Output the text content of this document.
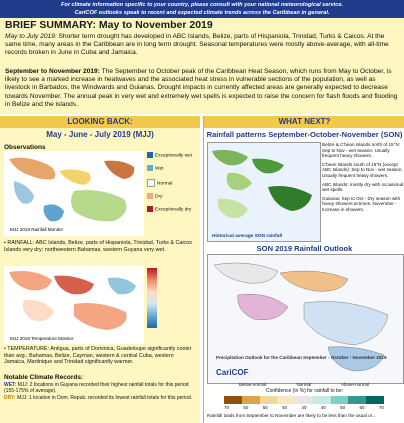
For climate information specific to your country, please consult with your national meteorological service.
CariCOF outlooks speak to recent and expected climate trends across the Caribbean in general.
BRIEF SUMMARY: May to November 2019

May to July 2019: Shorter term drought has developed in ABC Islands, Belize, parts of Hispaniola, Trinidad, Turks & Caicos. At the same time, many areas in the Caribbean are in long term drought. Seasonal temperatures were mostly above-average, with all-time records broken in June in Cuba and Jamaica.

September to November 2019: The September to October peak of the Caribbean Heat Season, which runs from May to October, is likely to see a marked increase in heatwaves and the associated heat stress in vulnerable sections of the population, as well as livestock in Barbados, the Windwards and Guianas. Drought impacts in currently affected areas are generally expected to decrease towards November. The annual peak in very wet and extremely wet spells is expected to raise the concern for flash floods and flooding in Belize and the islands.

LOOKING BACK:
May - June - July 2019 (MJJ)
Observations
MJJ 2019 Rainfall Monitor
Exceptionally wet
Wet
Normal
Dry
Exceptionally dry
• RAINFALL: ABC Islands, Belize, parts of Hispaniola, Trinidad, Turks & Caicos Islands very dry; northwestern Bahamas, western Guyana very wet.
MJJ 2019 Temperature Monitor
• TEMPERATURE: Antigua, parts of Dominica, Guadeloupe significantly cooler than avg.; Bahamas, Belize, Cayman, western & central Cuba, western Jamaica, Martinique and Trinidad significantly warmer.
Notable Climate Records:
WET: MJJ: 2 locations in Guyana recorded their highest rainfall totals for this period (155-175% of average).
DRY: MJJ: 1 location in Dom. Repub. recorded its lowest rainfall totals for this period.
WHAT NEXT?
Rainfall patterns September-October-November (SON)
Historical average SON rainfall
Belize & C'bean Islands north of 15°N: Sep to Nov - wet season. Usually frequent heavy showers.
C'bean Islands south of 15°N (except ABC Islands): Sep to Nov - wet season. Usually frequent heavy showers.
ABC Islands: mostly dry with occasional wet spells.
Guianas: Sep to Oct - Dry season with heavy showers at times. November - Increase in showers.
SON 2019 Rainfall Outlook
Precipitation Outlook for the Caribbean September - October - November 2019
CariCOF
Confidence (in %) for rainfall to be:
70	60	50	40	40	40	50	60	70
Below-normal	Normal	Above-normal
Rainfall totals from September to November are likely to be less than the usual or...
